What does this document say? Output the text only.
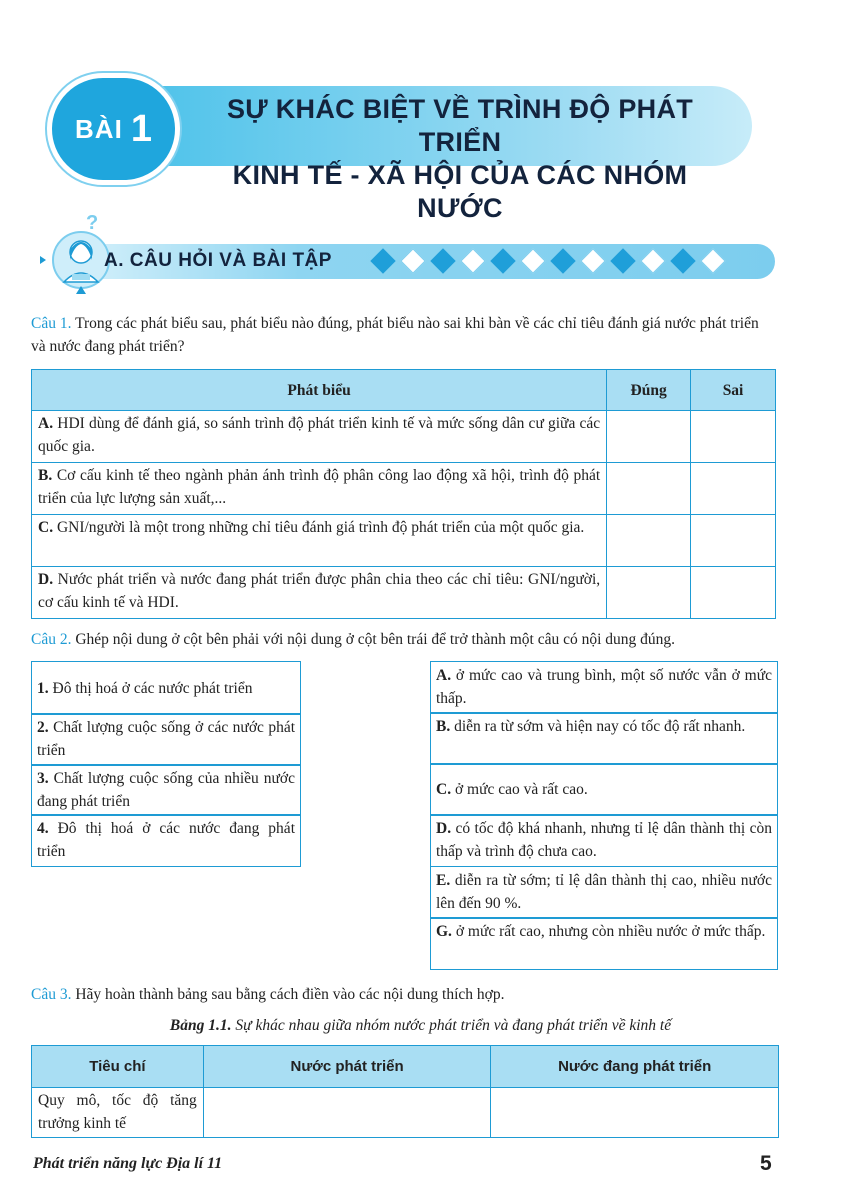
BÀI 1	SỰ KHÁC BIỆT VỀ TRÌNH ĐỘ PHÁT TRIỂN
KINH TẾ - XÃ HỘI CỦA CÁC NHÓM NƯỚC
?
A. CÂU HỎI VÀ BÀI TẬP
Câu 1. Trong các phát biểu sau, phát biểu nào đúng, phát biểu nào sai khi bàn về các chỉ tiêu đánh giá nước phát triển và nước đang phát triển?
Phát biểu	Đúng	Sai
A. HDI dùng để đánh giá, so sánh trình độ phát triển kinh tế và mức sống dân cư giữa các quốc gia.		
B. Cơ cấu kinh tế theo ngành phản ánh trình độ phân công lao động xã hội, trình độ phát triển của lực lượng sản xuất,...		
C. GNI/người là một trong những chỉ tiêu đánh giá trình độ phát triển của một quốc gia.		
D. Nước phát triển và nước đang phát triển được phân chia theo các chỉ tiêu: GNI/người, cơ cấu kinh tế và HDI.		
Câu 2. Ghép nội dung ở cột bên phải với nội dung ở cột bên trái để trở thành một câu có nội dung đúng.
1. Đô thị hoá ở các nước phát triển
2. Chất lượng cuộc sống ở các nước phát triển
3. Chất lượng cuộc sống của nhiều nước đang phát triển
4. Đô thị hoá ở các nước đang phát triển
A. ở mức cao và trung bình, một số nước vẫn ở mức thấp.
B. diễn ra từ sớm và hiện nay có tốc độ rất nhanh.
C. ở mức cao và rất cao.
D. có tốc độ khá nhanh, nhưng tỉ lệ dân thành thị còn thấp và trình độ chưa cao.
E. diễn ra từ sớm; tỉ lệ dân thành thị cao, nhiều nước lên đến 90 %.
G. ở mức rất cao, nhưng còn nhiều nước ở mức thấp.
Câu 3. Hãy hoàn thành bảng sau bằng cách điền vào các nội dung thích hợp.
Bảng 1.1. Sự khác nhau giữa nhóm nước phát triển và đang phát triển về kinh tế
Tiêu chí	Nước phát triển	Nước đang phát triển
Quy mô, tốc độ tăng trưởng kinh tế		
Phát triển năng lực Địa lí 11	5
